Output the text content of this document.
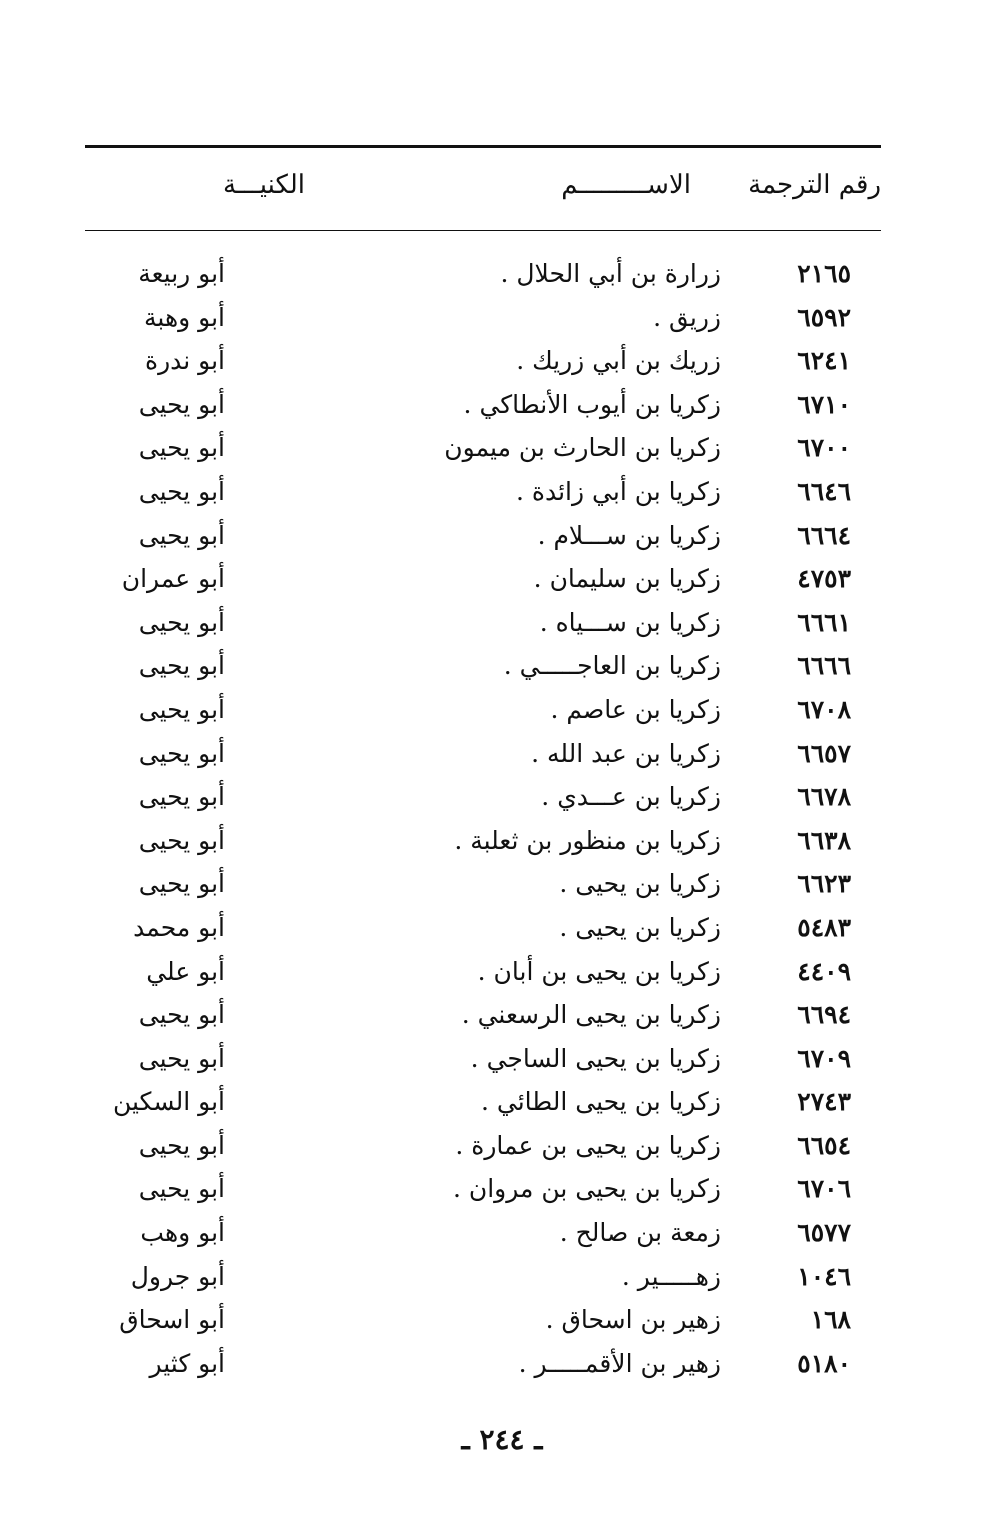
رقم الترجمة
الاســـــــــم
الكنيـــة
٢١٦٥
زرارة بن أبي الحلال .
أبو ربيعة
٦٥٩٢
زريق .
أبو وهبة
٦٢٤١
زريك بن أبي زريك .
أبو ندرة
٦٧١٠
زكريا بن أيوب الأنطاكي .
أبو يحيى
٦٧٠٠
زكريا بن الحارث بن ميمون
أبو يحيى
٦٦٤٦
زكريا بن أبي زائدة .
أبو يحيى
٦٦٦٤
زكريا بن ســـلام .
أبو يحيى
٤٧٥٣
زكريا بن سليمان .
أبو عمران
٦٦٦١
زكريا بن ســـياه .
أبو يحيى
٦٦٦٦
زكريا بن العاجـــــي .
أبو يحيى
٦٧٠٨
زكريا بن عاصم .
أبو يحيى
٦٦٥٧
زكريا بن عبد الله .
أبو يحيى
٦٦٧٨
زكريا بن عـــدي .
أبو يحيى
٦٦٣٨
زكريا بن منظور بن ثعلبة .
أبو يحيى
٦٦٢٣
زكريا بن يحيى .
أبو يحيى
٥٤٨٣
زكريا بن يحيى .
أبو محمد
٤٤٠٩
زكريا بن يحيى بن أبان .
أبو علي
٦٦٩٤
زكريا بن يحيى الرسعني .
أبو يحيى
٦٧٠٩
زكريا بن يحيى الساجي .
أبو يحيى
٢٧٤٣
زكريا بن يحيى الطائي .
أبو السكين
٦٦٥٤
زكريا بن يحيى بن عمارة .
أبو يحيى
٦٧٠٦
زكريا بن يحيى بن مروان .
أبو يحيى
٦٥٧٧
زمعة بن صالح .
أبو وهب
١٠٤٦
زهـــــير .
أبو جرول
١٦٨
زهير بن اسحاق .
أبو اسحاق
٥١٨٠
زهير بن الأقمـــــر .
أبو كثير
ـ ٢٤٤ ـ
